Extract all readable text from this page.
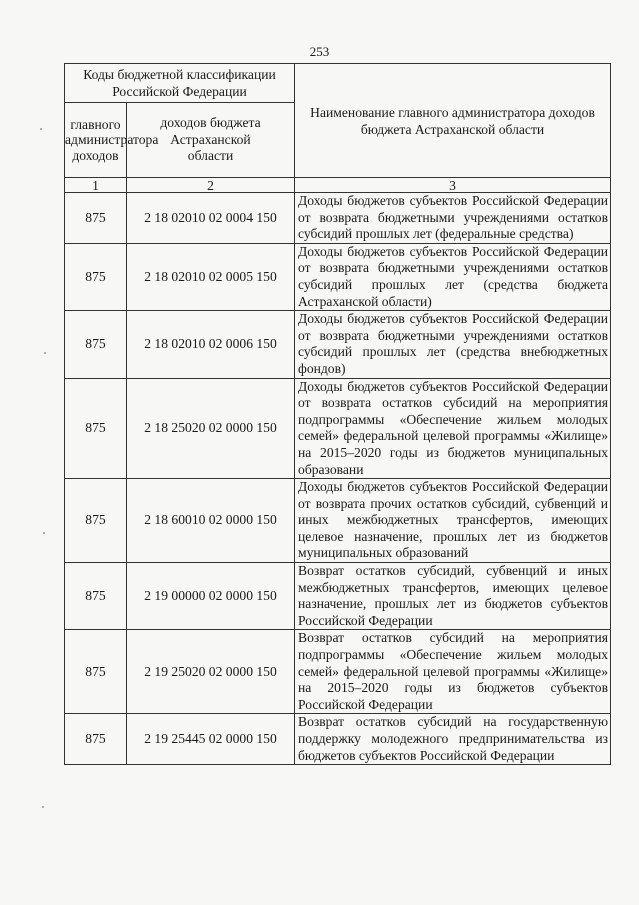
253
Коды бюджетной классификации Российской Федерации		Наименование главного администратора доходов бюджета Астраханской области
главного администратора доходов	доходов бюджета Астраханской области	
1	2	3
875	2 18 02010 02 0004 150	Доходы бюджетов субъектов Российской Федерации от возврата бюджетными учреждениями остатков субсидий прошлых лет (федеральные средства)
875	2 18 02010 02 0005 150	Доходы бюджетов субъектов Российской Федерации от возврата бюджетными учреждениями остатков субсидий прошлых лет (средства бюджета Астраханской области)
875	2 18 02010 02 0006 150	Доходы бюджетов субъектов Российской Федерации от возврата бюджетными учреждениями остатков субсидий прошлых лет (средства внебюджетных фондов)
875	2 18 25020 02 0000 150	Доходы бюджетов субъектов Российской Федерации от возврата остатков субсидий на мероприятия подпрограммы «Обеспечение жильем молодых семей» федеральной целевой программы «Жилище» на 2015–2020 годы из бюджетов муниципальных образовани
875	2 18 60010 02 0000 150	Доходы бюджетов субъектов Российской Федерации от возврата прочих остатков субсидий, субвенций и иных межбюджетных трансфертов, имеющих целевое назначение, прошлых лет из бюджетов муниципальных образований
875	2 19 00000 02 0000 150	Возврат остатков субсидий, субвенций и иных межбюджетных трансфертов, имеющих целевое назначение, прошлых лет из бюджетов субъектов Российской Федерации
875	2 19 25020 02 0000 150	Возврат остатков субсидий на мероприятия подпрограммы «Обеспечение жильем молодых семей» федеральной целевой программы «Жилище» на 2015–2020 годы из бюджетов субъектов Российской Федерации
875	2 19 25445 02 0000 150	Возврат остатков субсидий на государственную поддержку молодежного предпринимательства из бюджетов субъектов Российской Федерации
